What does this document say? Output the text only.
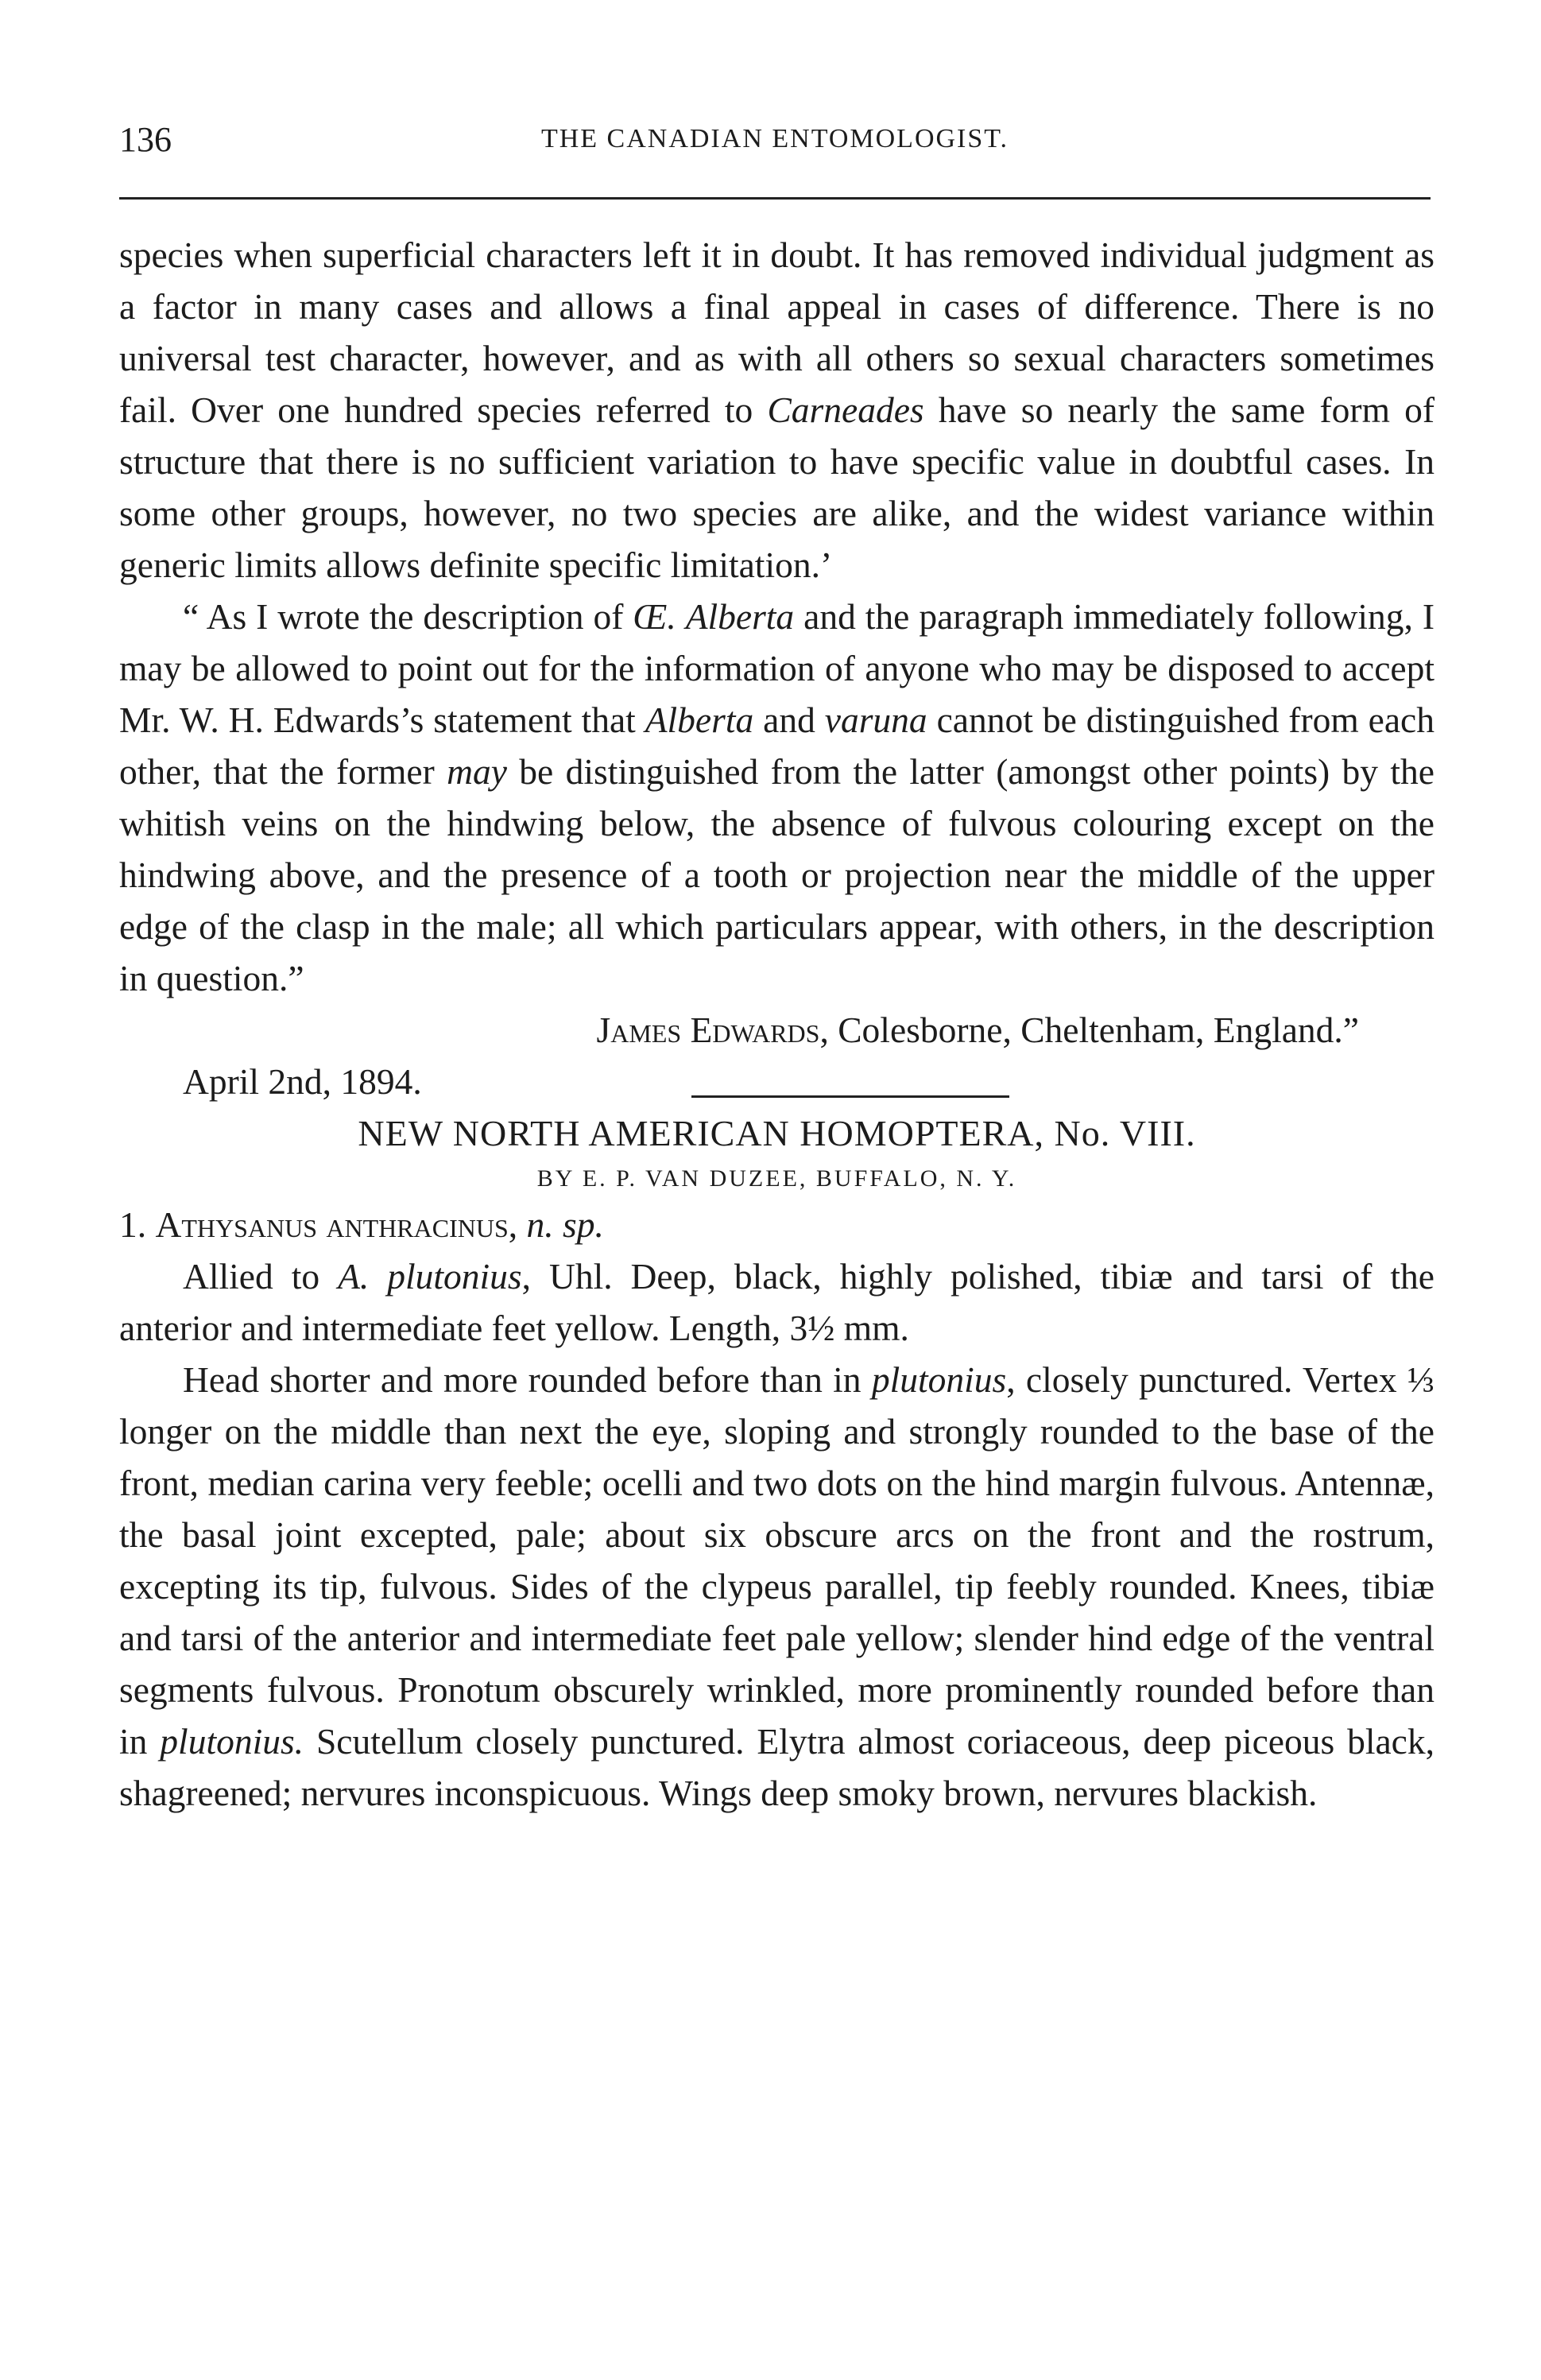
136	THE CANADIAN ENTOMOLOGIST.

species when superficial characters left it in doubt. It has removed individual judgment as a factor in many cases and allows a final appeal in cases of difference. There is no universal test character, however, and as with all others so sexual characters sometimes fail. Over one hundred species referred to Carneades have so nearly the same form of structure that there is no sufficient variation to have specific value in doubtful cases. In some other groups, however, no two species are alike, and the widest variance within generic limits allows definite specific limitation.’

“ As I wrote the description of Œ. Alberta and the paragraph immediately following, I may be allowed to point out for the information of anyone who may be disposed to accept Mr. W. H. Edwards’s statement that Alberta and varuna cannot be distinguished from each other, that the former may be distinguished from the latter (amongst other points) by the whitish veins on the hindwing below, the absence of fulvous colouring except on the hindwing above, and the presence of a tooth or projection near the middle of the upper edge of the clasp in the male; all which particulars appear, with others, in the description in question.”

James Edwards, Colesborne, Cheltenham, England.”

April 2nd, 1894.

NEW NORTH AMERICAN HOMOPTERA, No. VIII.

BY E. P. VAN DUZEE, BUFFALO, N. Y.

1. Athysanus anthracinus, n. sp.

Allied to A. plutonius, Uhl. Deep, black, highly polished, tibiæ and tarsi of the anterior and intermediate feet yellow. Length, 3½ mm.

Head shorter and more rounded before than in plutonius, closely punctured. Vertex ⅓ longer on the middle than next the eye, sloping and strongly rounded to the base of the front, median carina very feeble; ocelli and two dots on the hind margin fulvous. Antennæ, the basal joint excepted, pale; about six obscure arcs on the front and the rostrum, excepting its tip, fulvous. Sides of the clypeus parallel, tip feebly rounded. Knees, tibiæ and tarsi of the anterior and intermediate feet pale yellow; slender hind edge of the ventral segments fulvous. Pronotum obscurely wrinkled, more prominently rounded before than in plutonius. Scutellum closely punctured. Elytra almost coriaceous, deep piceous black, shagreened; nervures inconspicuous. Wings deep smoky brown, nervures blackish.
